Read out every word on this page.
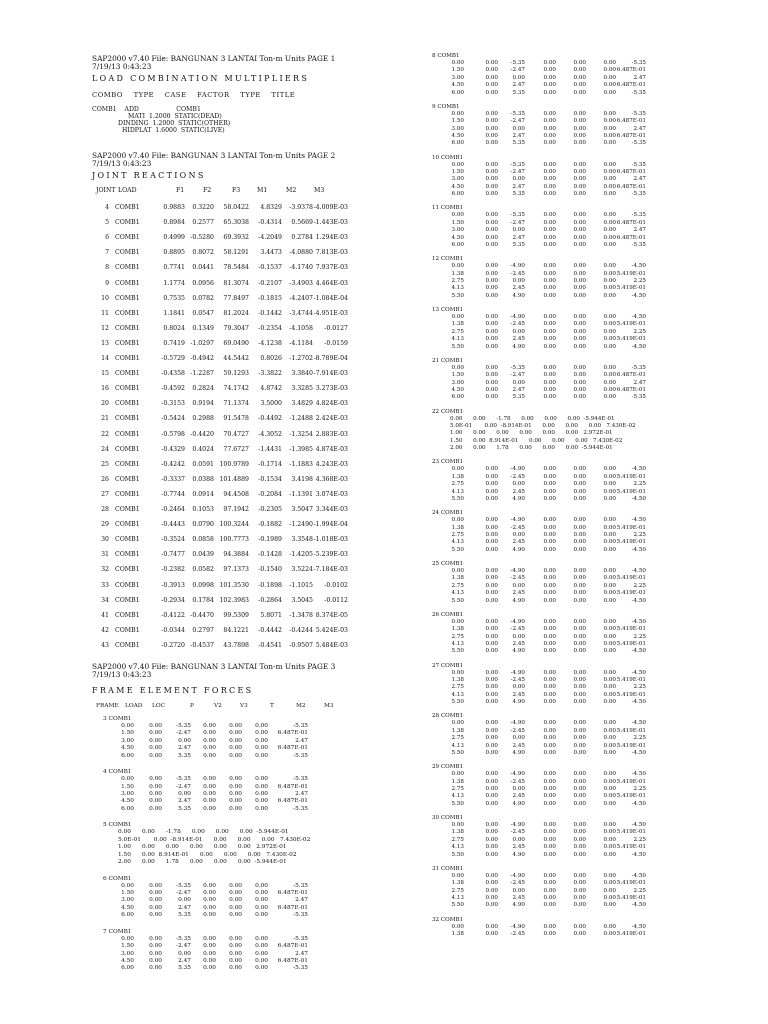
SAP2000 v7.40 File: BANGUNAN 3 LANTAI Ton-m Units PAGE 1
7/19/13 0:43:23
LOAD COMBINATION MULTIPLIERS
COMBO TYPE CASE FACTOR TYPE TITLE
COMB1    ADD                   COMB1
MATI  1.2000  STATIC(DEAD)
DINDING  1.2000  STATIC(OTHER)
HIDPLAT  1.6000  STATIC(LIVE)
SAP2000 v7.40 File: BANGUNAN 3 LANTAI Ton-m Units PAGE 2
7/19/13 0:43:23
JOINT REACTIONS
SAP2000 v7.40 File: BANGUNAN 3 LANTAI Ton-m Units PAGE 3
7/19/13 0:43:23
FRAME ELEMENT FORCES
JOINT LOAD	F1	F2	F3	M1	M2	M3
4 COMB1	0.9883 0.3220 58.0422 4.8329 -3.9378 -4.009E-03
5 COMB1	0.8984 0.2577 65.3038 -0.4314 0.5669 -1.443E-03
6 COMB1	0.4999 -0.5280 69.3932 -4.2049 0.2784 1.294E-03
7 COMB1	0.8895 0.8072 58.1291 3.4473 -4.0880 7.813E-03
8 COMB1	0.7741 0.0441 78.5484 -0.1537 -4.1740 7.937E-03
9 COMB1	1.1774 0.0956 81.3074 -0.2107 -3.4903 4.464E-03
10 COMB1	0.7535 0.0782 77.8497 -0.1815 -4.2407 -1.084E-04
11 COMB1	1.1841 0.0547 81.2024 -0.1442 -3.4744 -4.951E-03
12 COMB1	0.8024 0.1349 79.3047 -0.2354 -4.1058 -0.0127
13 COMB1	0.7419 -1.0297 69.0490 -4.1238 -4.1184 -0.0159
14 COMB1	-0.5729 -0.4942 44.5442 0.8026 -1.2702 -8.789E-04
15 COMB1	-0.4358 -1.2287 59.1293 -3.3822 3.3840 -7.914E-03
16 COMB1	-0.4592 0.2824 74.1742 4.8742 3.3285 3.273E-03
20 COMB1	-0.3153 0.9194 71.1374 3.5000 3.4829 4.824E-03
21 COMB1	-0.5424 0.2988 91.5478 -0.4492 -1.2488 2.424E-03
22 COMB1	-0.5798 -0.4420 70.4727 -4.3052 -1.3254 2.883E-03
24 COMB1	-0.4329 0.4024 77.6727 -1.4431 -1.3985 4.874E-03
25 COMB1	-0.4242 0.0591 100.9789 -0.1714 -1.1883 4.243E-03
26 COMB1	-0.3337 0.0388 101.4889 -0.1534 3.4198 4.368E-03
27 COMB1	-0.7744 0.0914 94.4508 -0.2084 -1.1391 3.074E-03
28 COMB1	-0.2464 0.1053 97.1942 -0.2305 3.5047 3.344E-03
29 COMB1	-0.4443 0.0790 100.3244 -0.1882 -1.2490 -1.994E-04
30 COMB1	-0.3524 0.0858 100.7773 -0.1989 3.3548 -1.018E-03
31 COMB1	-0.7477 0.0439 94.3884 -0.1428 -1.4205 -5.239E-03
32 COMB1	-0.2382 0.0582 97.1373 -0.1540 3.5224 -7.184E-03
33 COMB1	-0.3913 0.0998 101.3530 -0.1898 -1.1015 -0.0102
34 COMB1	-0.2934 0.1784 102.3983 -0.2864 3.5045 -0.0112
41 COMB1	-0.4122 -0.4470 99.5309 5.8071 -1.3478 8.374E-05
42 COMB1	-0.0344 0.2797 84.1221 -0.4442 -0.4244 5.424E-03
43 COMB1	-0.2720 -0.4537 43.7898 -0.4541 -0.9507 5.484E-03
FRAME LOAD LOC	P	V2	V3	T	M2	M3
3 COMB1
0.00	0.00 -5.35 0.00 0.00 0.00	-5.35
1.50	0.00 -2.47 0.00 0.00 0.00 6.487E-01
3.00	0.00	0.00 0.00 0.00 0.00	2.47
4.50	0.00	2.47 0.00 0.00 0.00 6.487E-01
6.00	0.00	5.35 0.00 0.00 0.00	-5.35
4 COMB1
0.00	0.00 -5.35 0.00 0.00 0.00	-5.35
1.50	0.00 -2.47 0.00 0.00 0.00 6.487E-01
3.00	0.00	0.00 0.00 0.00 0.00	2.47
4.50	0.00	2.47 0.00 0.00 0.00 6.487E-01
6.00	0.00	5.35 0.00 0.00 0.00	-5.35
5 COMB1
0.00      0.00      -1.78      0.00      0.00      0.00  -5.944E-01
5.0E-01       0.00  -8.914E-01      0.00      0.00      0.00   7.430E-02
1.00      0.00      0.00      0.00      0.00      0.00   2.972E-01
1.50      0.00  8.914E-01      0.00      0.00      0.00   7.430E-02
2.00      0.00      1.78      0.00      0.00      0.00  -5.944E-01
6 COMB1
0.00	0.00 -5.35 0.00 0.00 0.00	-5.35
1.50	0.00 -2.47 0.00 0.00 0.00 6.487E-01
3.00	0.00	0.00 0.00 0.00 0.00	2.47
4.50	0.00	2.47 0.00 0.00 0.00 6.487E-01
6.00	0.00	5.35 0.00 0.00 0.00	-5.35
7 COMB1
0.00	0.00 -5.35 0.00 0.00 0.00	-5.35
1.50	0.00 -2.47 0.00 0.00 0.00 6.487E-01
3.00	0.00	0.00 0.00 0.00 0.00	2.47
4.50	0.00	2.47 0.00 0.00 0.00 6.487E-01
6.00	0.00	5.35 0.00 0.00 0.00	-5.35
8 COMB1
0.00	0.00 -5.35	0.00	0.00	0.00	-5.35
1.50	0.00 -2.47	0.00	0.00	0.00 6.487E-01
3.00	0.00	0.00	0.00	0.00	0.00	2.47
4.50	0.00	2.47	0.00	0.00	0.00 6.487E-01
6.00	0.00	5.35	0.00	0.00	0.00	-5.35
9 COMB1
0.00	0.00 -5.35	0.00	0.00	0.00	-5.35
1.50	0.00 -2.47	0.00	0.00	0.00 6.487E-01
3.00	0.00	0.00	0.00	0.00	0.00	2.47
4.50	0.00	2.47	0.00	0.00	0.00 6.487E-01
6.00	0.00	5.35	0.00	0.00	0.00	-5.35
10 COMB1
0.00	0.00 -5.35	0.00	0.00	0.00	-5.35
1.50	0.00 -2.47	0.00	0.00	0.00 6.487E-01
3.00	0.00	0.00	0.00	0.00	0.00	2.47
4.50	0.00	2.47	0.00	0.00	0.00 6.487E-01
6.00	0.00	5.35	0.00	0.00	0.00	-5.35
11 COMB1
0.00	0.00 -5.35	0.00	0.00	0.00	-5.35
1.50	0.00 -2.47	0.00	0.00	0.00 6.487E-01
3.00	0.00	0.00	0.00	0.00	0.00	2.47
4.50	0.00	2.47	0.00	0.00	0.00 6.487E-01
6.00	0.00	5.35	0.00	0.00	0.00	-5.35
12 COMB1
0.00	0.00 -4.90	0.00	0.00	0.00	-4.50
1.38	0.00 -2.45	0.00	0.00	0.00 5.419E-01
2.75	0.00	0.00	0.00	0.00	0.00	2.25
4.13	0.00	2.45	0.00	0.00	0.00 5.419E-01
5.50	0.00	4.90	0.00	0.00	0.00	-4.50
13 COMB1
0.00	0.00 -4.90	0.00	0.00	0.00	-4.50
1.38	0.00 -2.45	0.00	0.00	0.00 5.419E-01
2.75	0.00	0.00	0.00	0.00	0.00	2.25
4.13	0.00	2.45	0.00	0.00	0.00 5.419E-01
5.50	0.00	4.90	0.00	0.00	0.00	-4.50
21 COMB1
0.00	0.00 -5.35	0.00	0.00	0.00	-5.35
1.50	0.00 -2.47	0.00	0.00	0.00 6.487E-01
3.00	0.00	0.00	0.00	0.00	0.00	2.47
4.50	0.00	2.47	0.00	0.00	0.00 6.487E-01
6.00	0.00	5.35	0.00	0.00	0.00	-5.35
22 COMB1
0.00      0.00      -1.78      0.00      0.00      0.00  -5.944E-01
5.0E-01       0.00  -8.914E-01      0.00      0.00      0.00   7.430E-02
1.00      0.00      0.00      0.00      0.00      0.00   2.972E-01
1.50      0.00  8.914E-01      0.00      0.00      0.00   7.430E-02
2.00      0.00      1.78      0.00      0.00      0.00  -5.944E-01
23 COMB1
0.00	0.00 -4.90	0.00	0.00	0.00	-4.50
1.38	0.00 -2.45	0.00	0.00	0.00 5.419E-01
2.75	0.00	0.00	0.00	0.00	0.00	2.25
4.13	0.00	2.45	0.00	0.00	0.00 5.419E-01
5.50	0.00	4.90	0.00	0.00	0.00	-4.50
24 COMB1
0.00	0.00 -4.90	0.00	0.00	0.00	-4.50
1.38	0.00 -2.45	0.00	0.00	0.00 5.419E-01
2.75	0.00	0.00	0.00	0.00	0.00	2.25
4.13	0.00	2.45	0.00	0.00	0.00 5.419E-01
5.50	0.00	4.90	0.00	0.00	0.00	-4.50
25 COMB1
0.00	0.00 -4.90	0.00	0.00	0.00	-4.50
1.38	0.00 -2.45	0.00	0.00	0.00 5.419E-01
2.75	0.00	0.00	0.00	0.00	0.00	2.25
4.13	0.00	2.45	0.00	0.00	0.00 5.419E-01
5.50	0.00	4.90	0.00	0.00	0.00	-4.50
26 COMB1
0.00	0.00 -4.90	0.00	0.00	0.00	-4.50
1.38	0.00 -2.45	0.00	0.00	0.00 5.419E-01
2.75	0.00	0.00	0.00	0.00	0.00	2.25
4.13	0.00	2.45	0.00	0.00	0.00 5.419E-01
5.50	0.00	4.90	0.00	0.00	0.00	-4.50
27 COMB1
0.00	0.00 -4.90	0.00	0.00	0.00	-4.50
1.38	0.00 -2.45	0.00	0.00	0.00 5.419E-01
2.75	0.00	0.00	0.00	0.00	0.00	2.25
4.13	0.00	2.45	0.00	0.00	0.00 5.419E-01
5.50	0.00	4.90	0.00	0.00	0.00	-4.50
28 COMB1
0.00	0.00 -4.90	0.00	0.00	0.00	-4.50
1.38	0.00 -2.45	0.00	0.00	0.00 5.419E-01
2.75	0.00	0.00	0.00	0.00	0.00	2.25
4.13	0.00	2.45	0.00	0.00	0.00 5.419E-01
5.50	0.00	4.90	0.00	0.00	0.00	-4.50
29 COMB1
0.00	0.00 -4.90	0.00	0.00	0.00	-4.50
1.38	0.00 -2.45	0.00	0.00	0.00 5.419E-01
2.75	0.00	0.00	0.00	0.00	0.00	2.25
4.13	0.00	2.45	0.00	0.00	0.00 5.419E-01
5.50	0.00	4.90	0.00	0.00	0.00	-4.50
30 COMB1
0.00	0.00 -4.90	0.00	0.00	0.00	-4.50
1.38	0.00 -2.45	0.00	0.00	0.00 5.419E-01
2.75	0.00	0.00	0.00	0.00	0.00	2.25
4.13	0.00	2.45	0.00	0.00	0.00 5.419E-01
5.50	0.00	4.90	0.00	0.00	0.00	-4.50
31 COMB1
0.00	0.00 -4.90	0.00	0.00	0.00	-4.50
1.38	0.00 -2.45	0.00	0.00	0.00 5.419E-01
2.75	0.00	0.00	0.00	0.00	0.00	2.25
4.13	0.00	2.45	0.00	0.00	0.00 5.419E-01
5.50	0.00	4.90	0.00	0.00	0.00	-4.50
32 COMB1
0.00	0.00 -4.90	0.00	0.00	0.00	-4.50
1.38	0.00 -2.45	0.00	0.00	0.00 5.419E-01
